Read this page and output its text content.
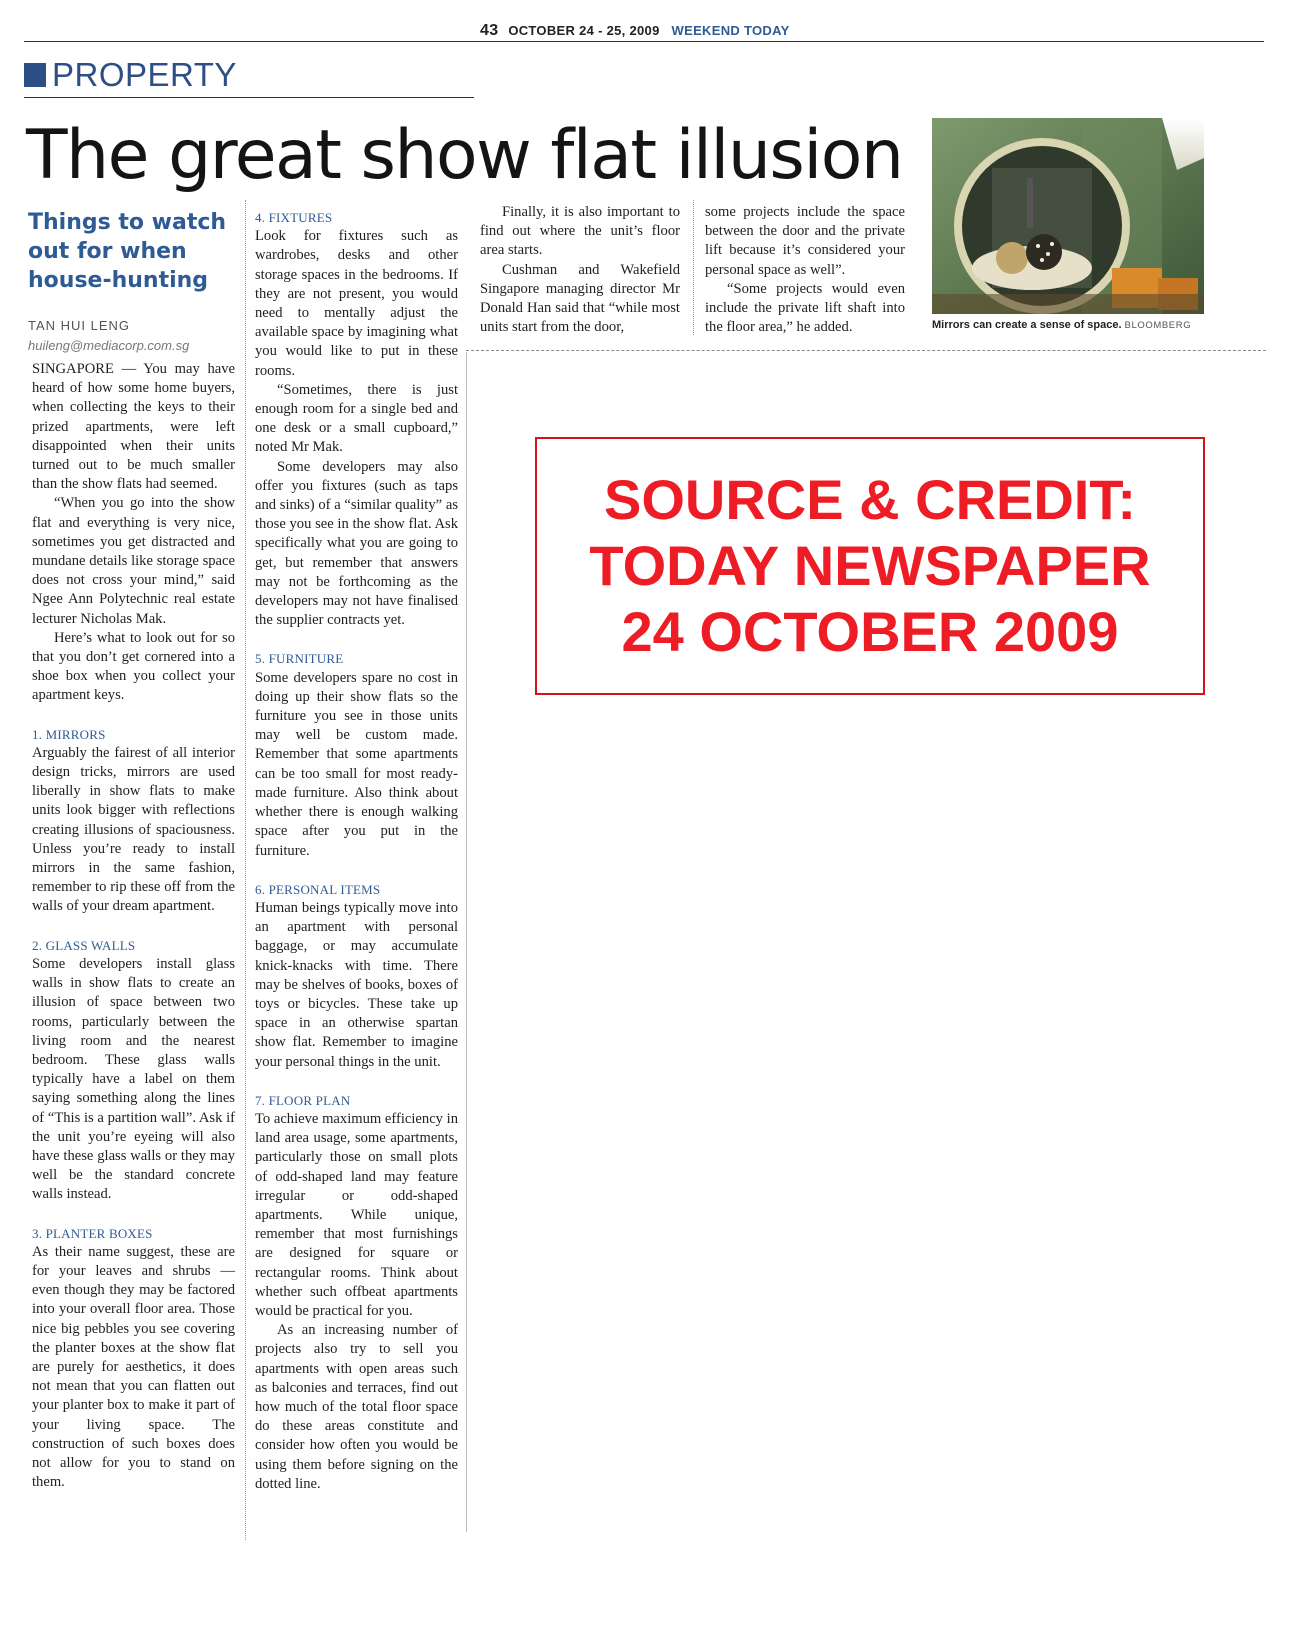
43 OCTOBER 24 - 25, 2009 WEEKEND TODAY
PROPERTY
The great show flat illusion
Things to watch out for when house-hunting
TAN HUI LENG
huileng@mediacorp.com.sg

SINGAPORE — You may have heard of how some home buyers, when collecting the keys to their prized apartments, were left disappointed when their units turned out to be much smaller than the show flats had seemed.

“When you go into the show flat and everything is very nice, sometimes you get distracted and mundane details like storage space does not cross your mind,” said Ngee Ann Polytechnic real estate lecturer Nicholas Mak.

Here’s what to look out for so that you don’t get cornered into a shoe box when you collect your apartment keys.

1. MIRRORS

Arguably the fairest of all interior design tricks, mirrors are used liberally in show flats to make units look bigger with reflections creating illusions of spaciousness. Unless you’re ready to install mirrors in the same fashion, remember to rip these off from the walls of your dream apartment.

2. GLASS WALLS

Some developers install glass walls in show flats to create an illusion of space between two rooms, particularly between the living room and the nearest bedroom. These glass walls typically have a label on them saying something along the lines of “This is a partition wall”. Ask if the unit you’re eyeing will also have these glass walls or they may well be the standard concrete walls instead.

3. PLANTER BOXES

As their name suggest, these are for your leaves and shrubs — even though they may be factored into your overall floor area. Those nice big pebbles you see covering the planter boxes at the show flat are purely for aesthetics, it does not mean that you can flatten out your planter box to make it part of your living space. The construction of such boxes does not allow for you to stand on them.

4. FIXTURES

Look for fixtures such as wardrobes, desks and other storage spaces in the bedrooms. If they are not present, you would need to mentally adjust the available space by imagining what you would like to put in these rooms.

“Sometimes, there is just enough room for a single bed and one desk or a small cupboard,” noted Mr Mak.

Some developers may also offer you fixtures (such as taps and sinks) of a “similar quality” as those you see in the show flat. Ask specifically what you are going to get, but remember that answers may not be forthcoming as the developers may not have finalised the supplier contracts yet.

5. FURNITURE

Some developers spare no cost in doing up their show flats so the furniture you see in those units may well be custom made. Remember that some apartments can be too small for most ready-made furniture. Also think about whether there is enough walking space after you put in the furniture.

6. PERSONAL ITEMS

Human beings typically move into an apartment with personal baggage, or may accumulate knick-knacks with time. There may be shelves of books, boxes of toys or bicycles. These take up space in an otherwise spartan show flat. Remember to imagine your personal things in the unit.

7. FLOOR PLAN

To achieve maximum efficiency in land area usage, some apartments, particularly those on small plots of odd-shaped land may feature irregular or odd-shaped apartments. While unique, remember that most furnishings are designed for square or rectangular rooms. Think about whether such offbeat apartments would be practical for you.

As an increasing number of projects also try to sell you apartments with open areas such as balconies and terraces, find out how much of the total floor space do these areas constitute and consider how often you would be using them before signing on the dotted line.

Finally, it is also important to find out where the unit’s floor area starts.

Cushman and Wakefield Singapore managing director Mr Donald Han said that “while most units start from the door,

some projects include the space between the door and the private lift because it’s considered your personal space as well”.

“Some projects would even include the private lift shaft into the floor area,” he added.	Mirrors can create a sense of space. BLOOMBERG
SOURCE & CREDIT:
TODAY NEWSPAPER
24 OCTOBER 2009
